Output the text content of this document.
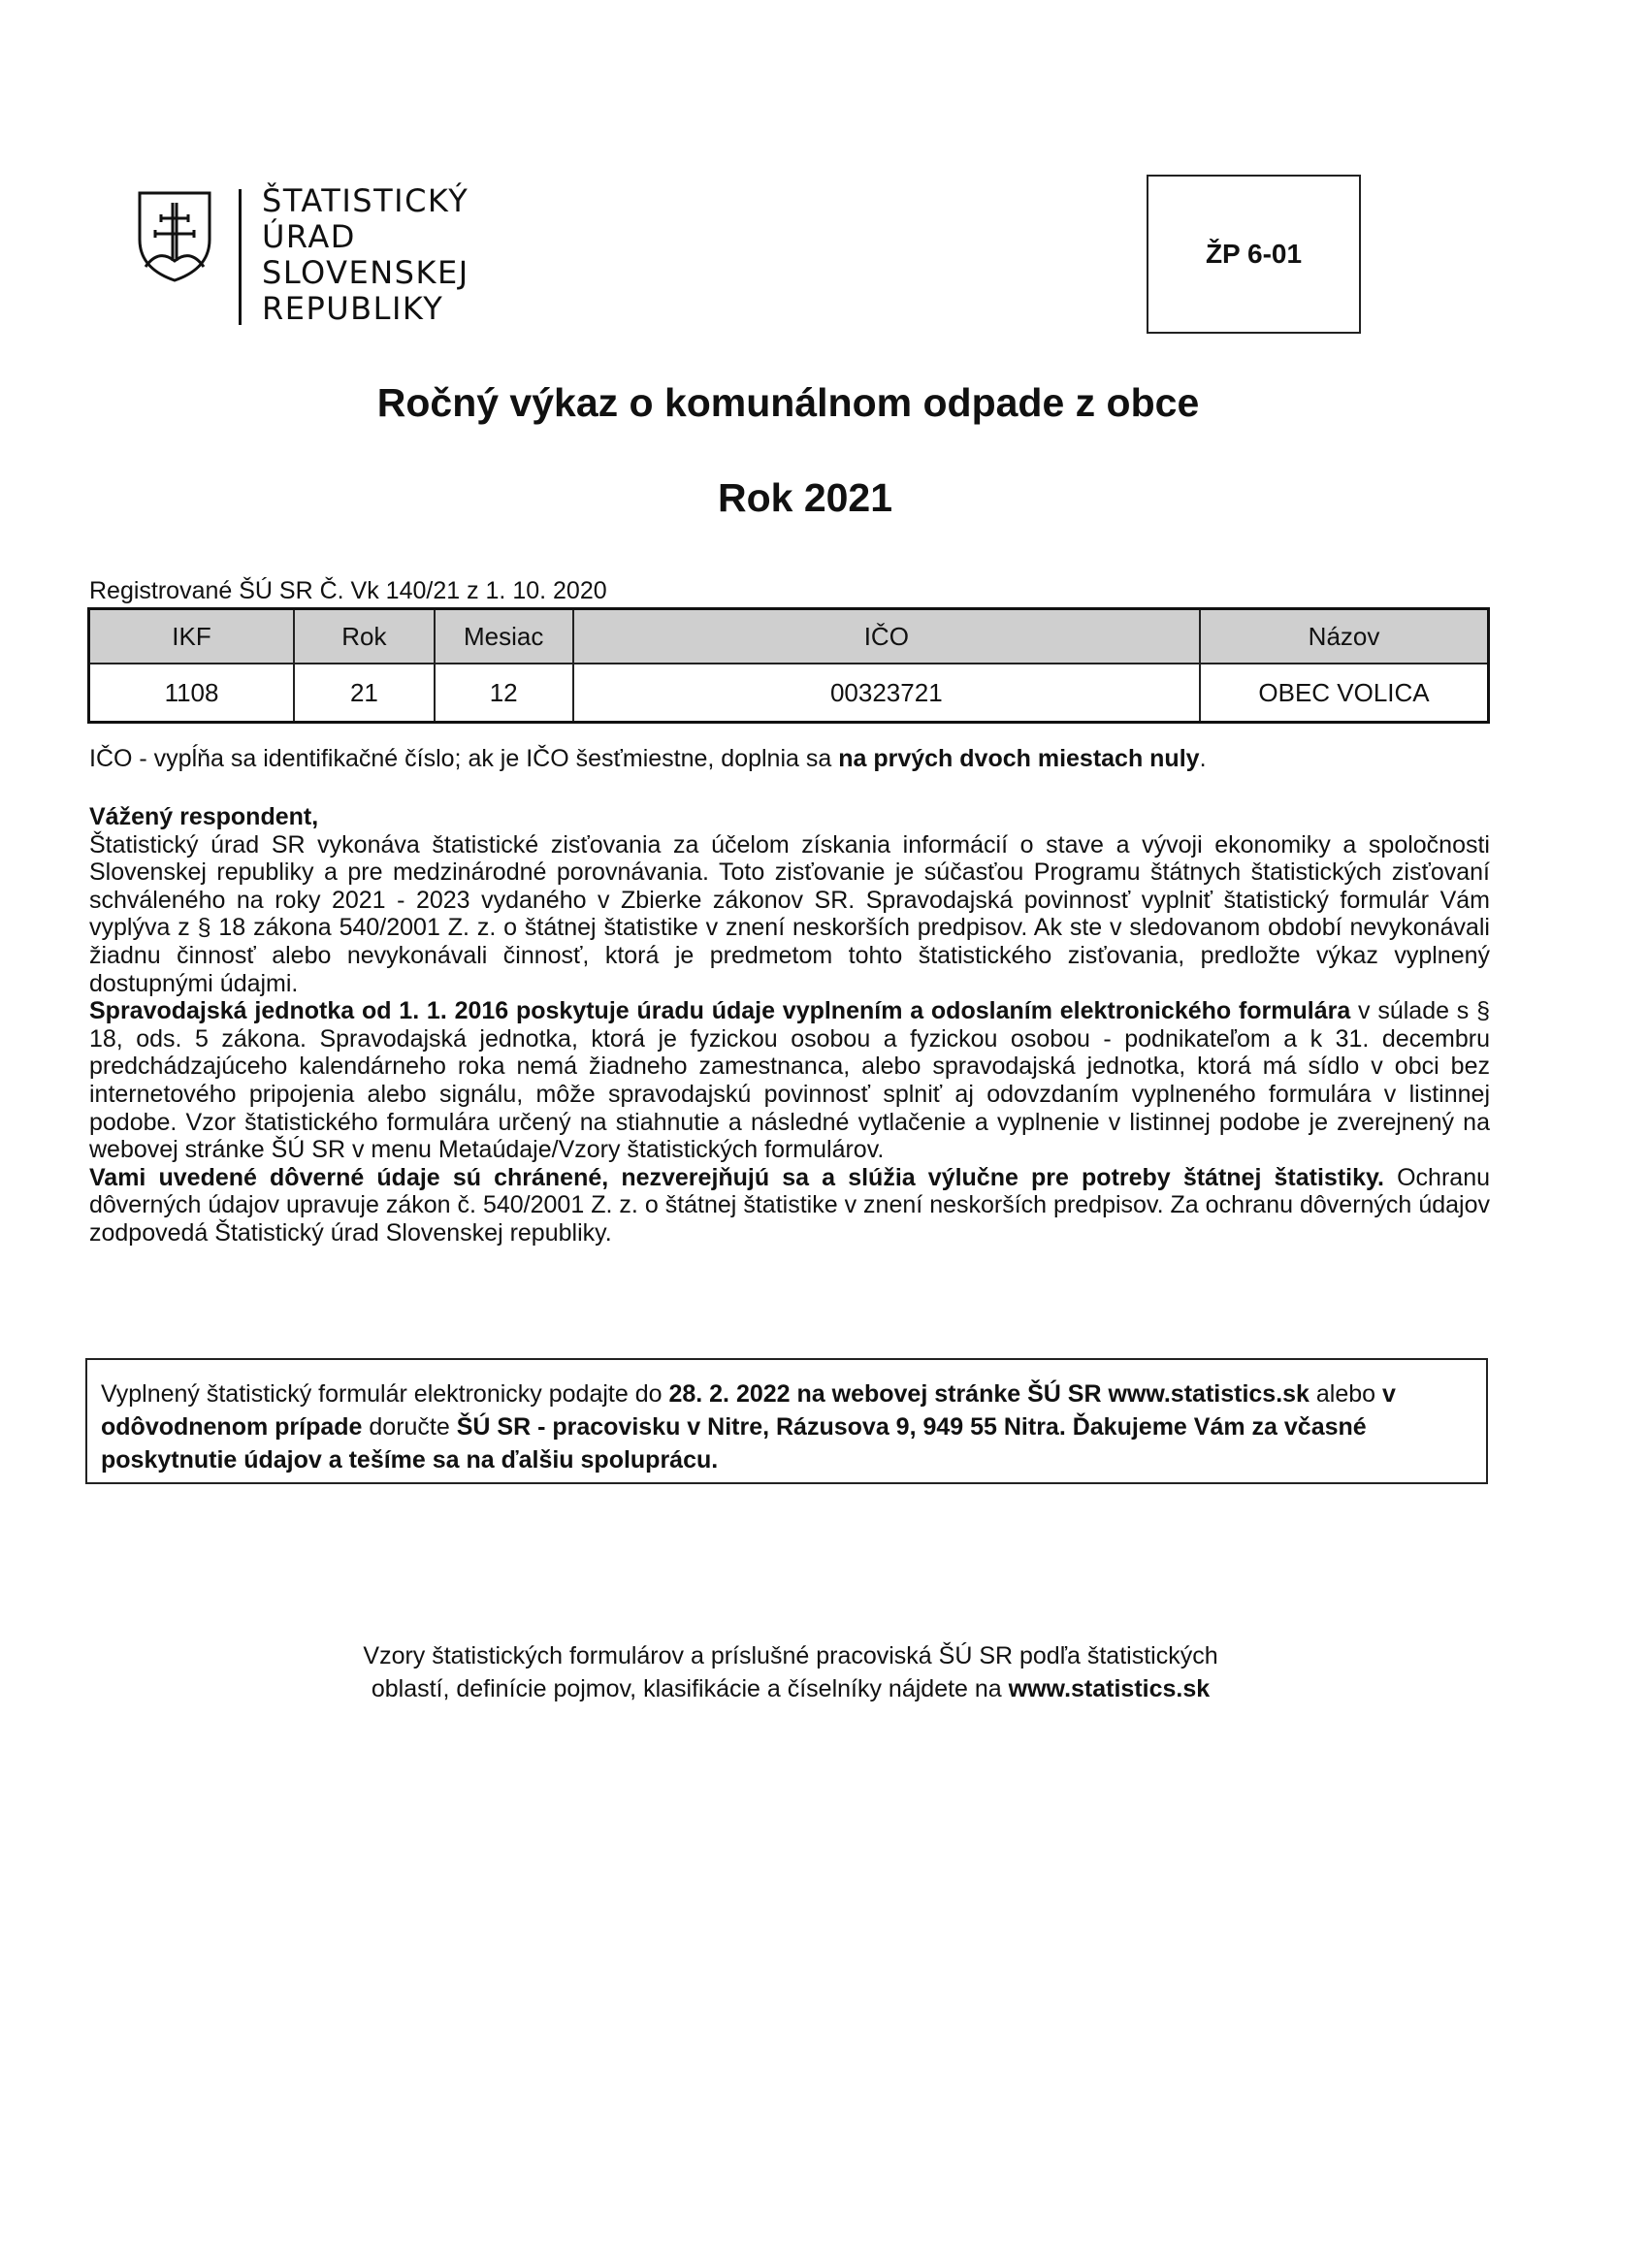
ŠTATISTICKÝ
ÚRAD
SLOVENSKEJ
REPUBLIKY
ŽP 6-01
Ročný výkaz o komunálnom odpade z obce
Rok 2021
Registrované ŠÚ SR Č. Vk 140/21 z 1. 10. 2020
IKF	Rok	Mesiac	IČO	Názov
1108	21	12	00323721	OBEC VOLICA
IČO - vypĺňa sa identifikačné číslo; ak je IČO šesťmiestne, doplnia sa na prvých dvoch miestach nuly.

Vážený respondent,

Štatistický úrad SR vykonáva štatistické zisťovania za účelom získania informácií o stave a vývoji ekonomiky a spoločnosti Slovenskej republiky a pre medzinárodné porovnávania. Toto zisťovanie je súčasťou Programu štátnych štatistických zisťovaní schváleného na roky 2021 - 2023 vydaného v Zbierke zákonov SR. Spravodajská povinnosť vyplniť štatistický formulár Vám vyplýva z § 18 zákona 540/2001 Z. z. o štátnej štatistike v znení neskorších predpisov. Ak ste v sledovanom období nevykonávali žiadnu činnosť alebo nevykonávali činnosť, ktorá je predmetom tohto štatistického zisťovania, predložte výkaz vyplnený dostupnými údajmi.

Spravodajská jednotka od 1. 1. 2016 poskytuje úradu údaje vyplnením a odoslaním elektronického formulára v súlade s § 18, ods. 5 zákona. Spravodajská jednotka, ktorá je fyzickou osobou a fyzickou osobou - podnikateľom a k 31. decembru predchádzajúceho kalendárneho roka nemá žiadneho zamestnanca, alebo spravodajská jednotka, ktorá má sídlo v obci bez internetového pripojenia alebo signálu, môže spravodajskú povinnosť splniť aj odovzdaním vyplneného formulára v listinnej podobe. Vzor štatistického formulára určený na stiahnutie a následné vytlačenie a vyplnenie v listinnej podobe je zverejnený na webovej stránke ŠÚ SR v menu Metaúdaje/Vzory štatistických formulárov.

Vami uvedené dôverné údaje sú chránené, nezverejňujú sa a slúžia výlučne pre potreby štátnej štatistiky. Ochranu dôverných údajov upravuje zákon č. 540/2001 Z. z. o štátnej štatistike v znení neskorších predpisov. Za ochranu dôverných údajov zodpovedá Štatistický úrad Slovenskej republiky.

Vyplnený štatistický formulár elektronicky podajte do 28. 2. 2022 na webovej stránke ŠÚ SR www.statistics.sk alebo v odôvodnenom prípade doručte ŠÚ SR - pracovisku v Nitre, Rázusova 9, 949 55 Nitra. Ďakujeme Vám za včasné poskytnutie údajov a tešíme sa na ďalšiu spoluprácu.
Vzory štatistických formulárov a príslušné pracoviská ŠÚ SR podľa štatistických
oblastí, definície pojmov, klasifikácie a číselníky nájdete na www.statistics.sk
